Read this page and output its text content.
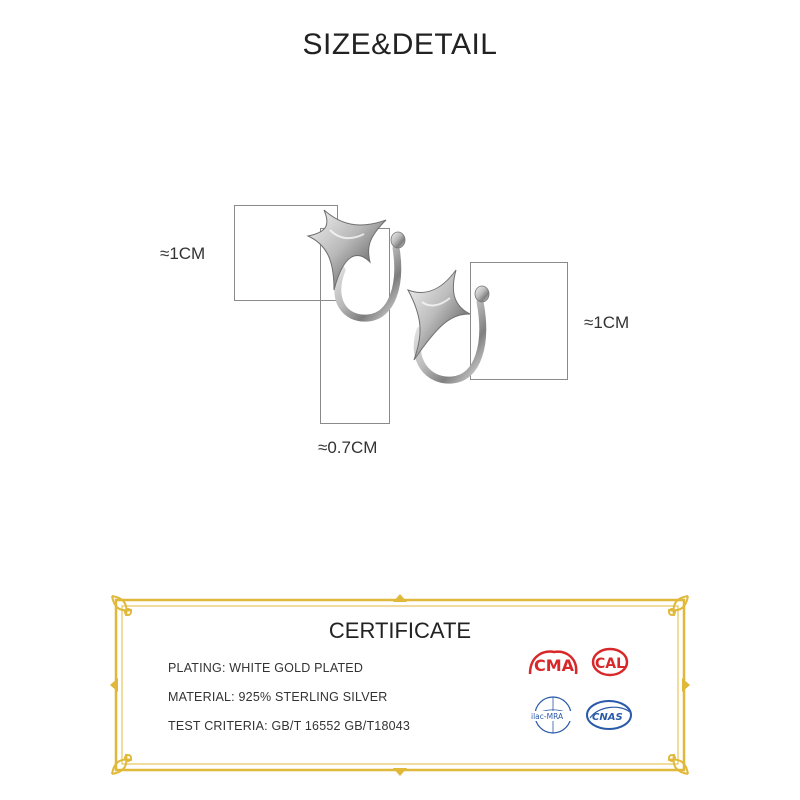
SIZE&DETAIL
≈1CM
≈1CM
≈0.7CM
CERTIFICATE
PLATING: WHITE GOLD PLATED
MATERIAL: 925% STERLING SILVER
TEST CRITERIA: GB/T 16552 GB/T18043
CMA CAL
ilac-MRA	CNAS
